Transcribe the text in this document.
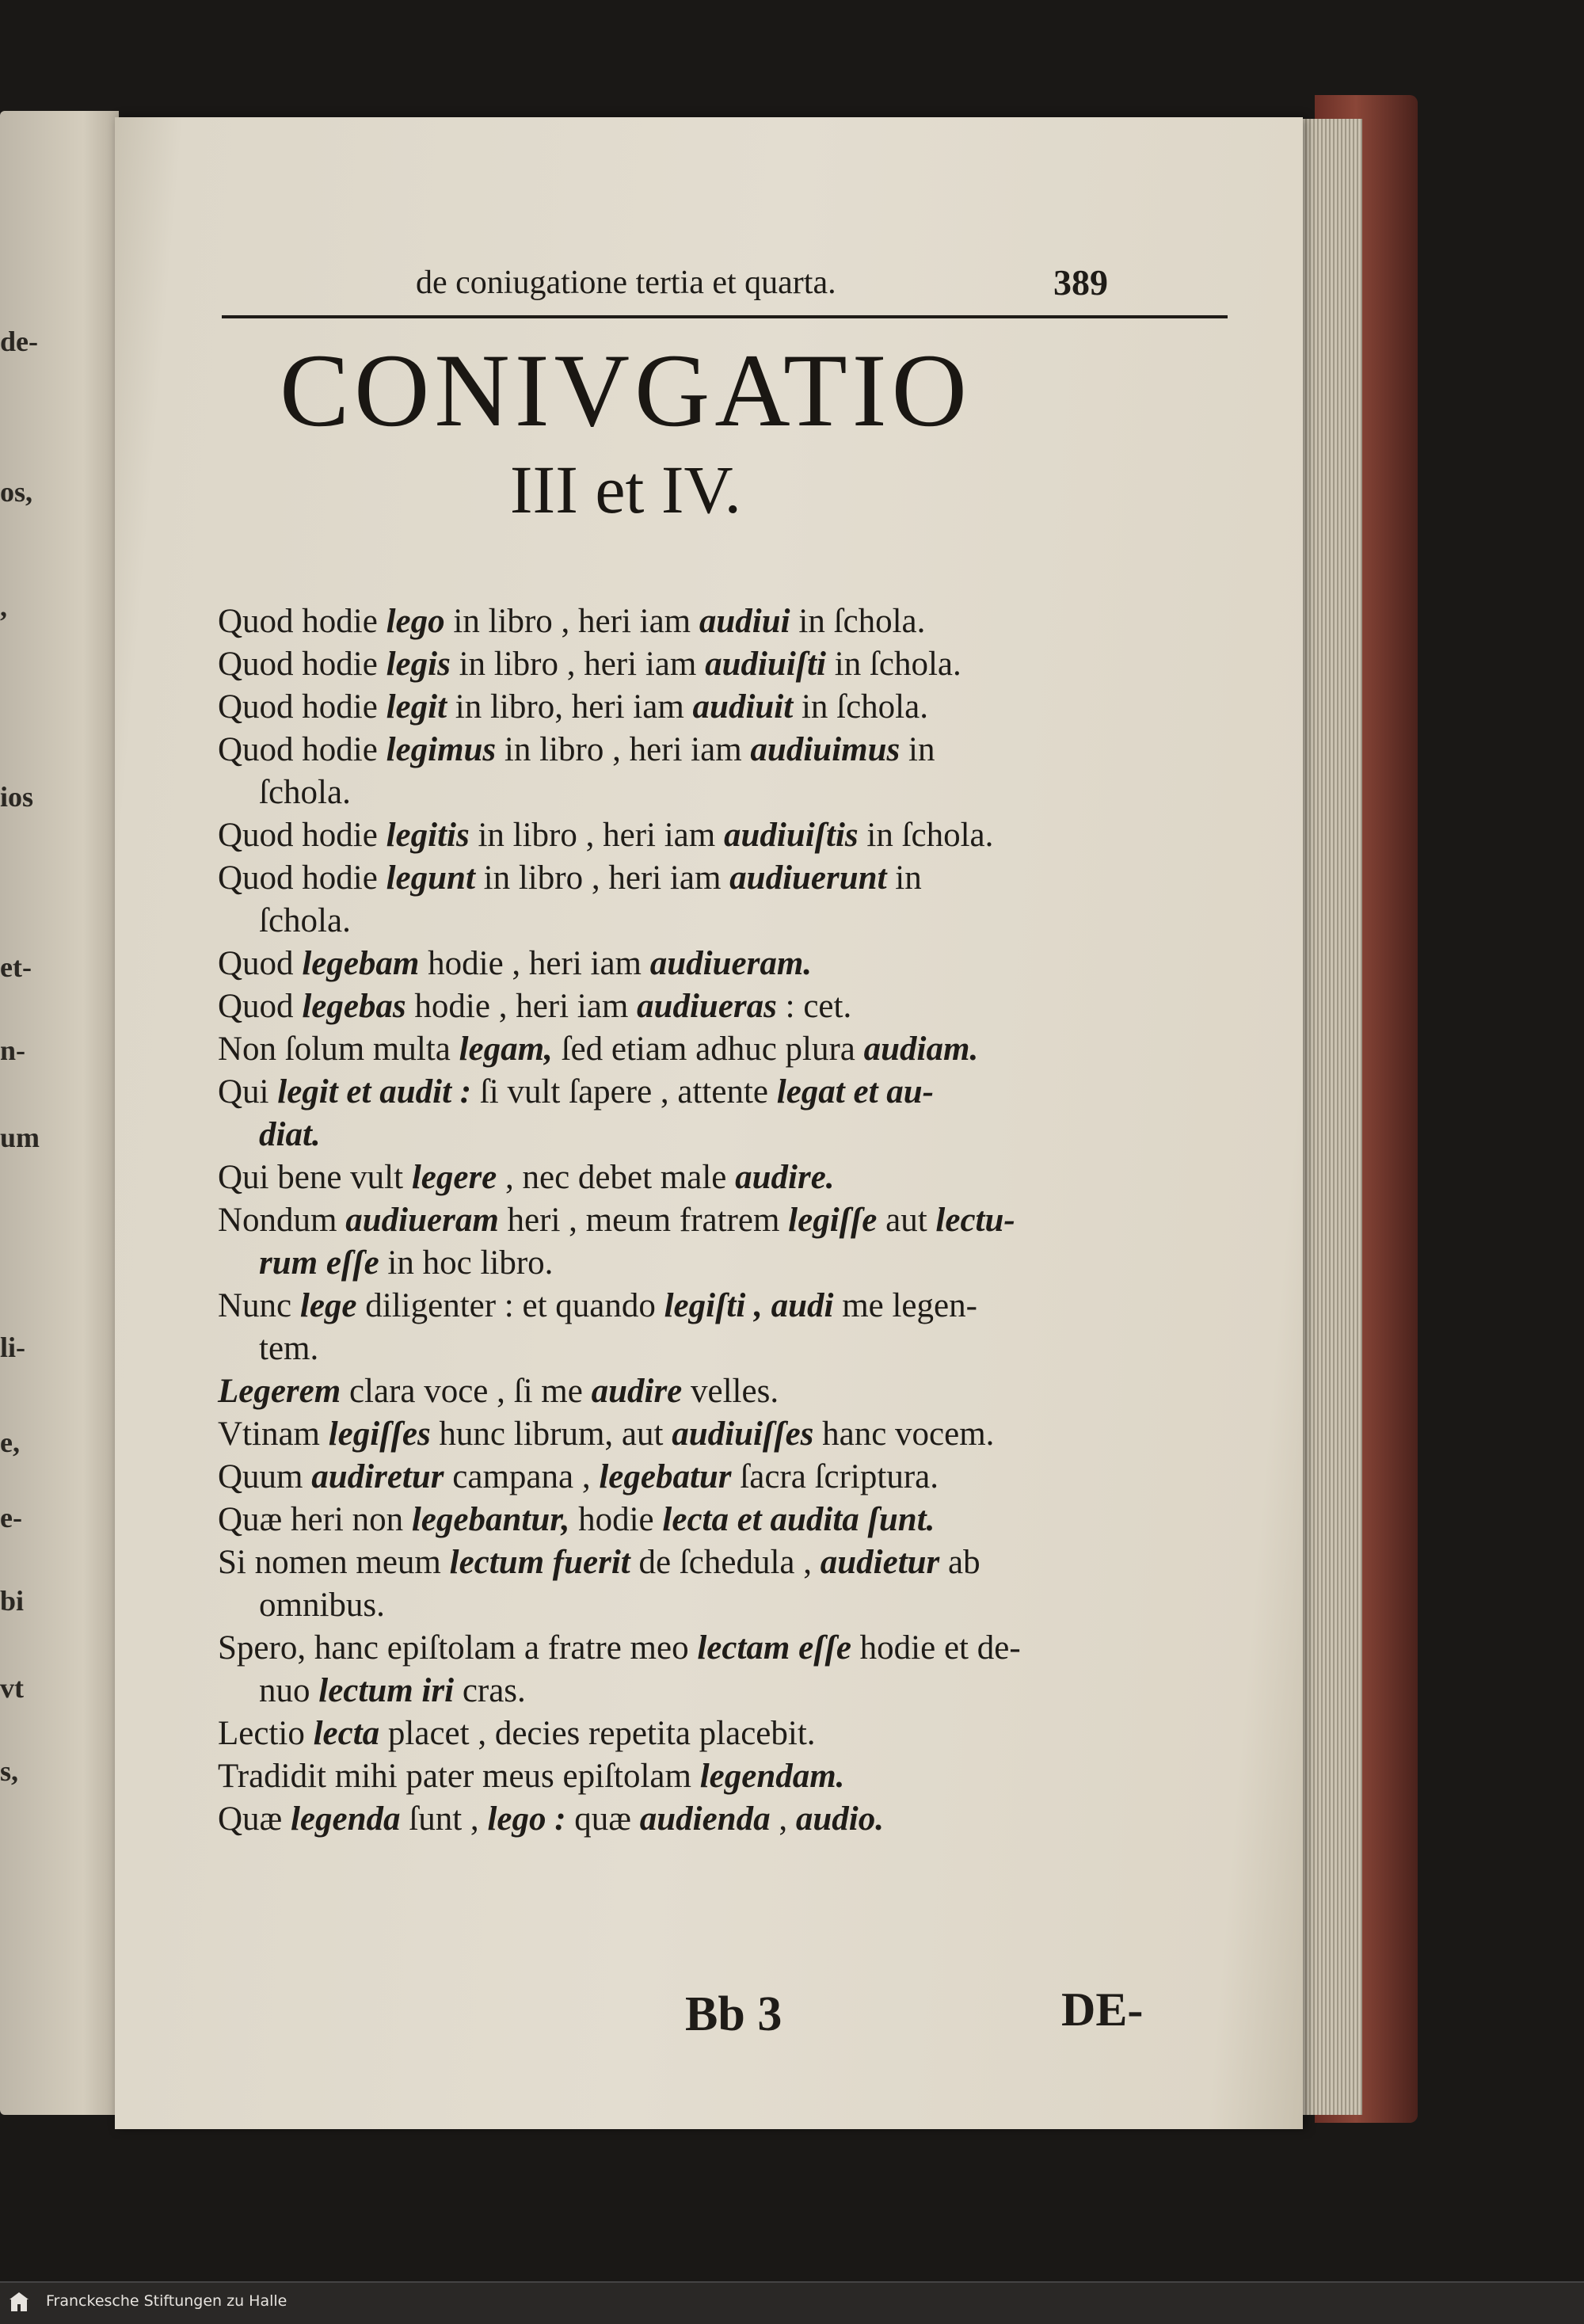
de-
os,
,
ios
et-
n-
um
li-
e,
e-
bi
vt
s,
de coniugatione tertia et quarta.	389
CONIVGATIO
III et IV.
Quod hodie lego in libro , heri iam audiui in ſchola.
Quod hodie legis in libro , heri iam audiuiſti in ſchola.
Quod hodie legit in libro, heri iam audiuit in ſchola.
Quod hodie legimus in libro , heri iam audiuimus in
ſchola.
Quod hodie legitis in libro , heri iam audiuiſtis in ſchola.
Quod hodie legunt in libro , heri iam audiuerunt in
ſchola.
Quod legebam hodie , heri iam audiueram.
Quod legebas hodie , heri iam audiueras : cet.
Non ſolum multa legam, ſed etiam adhuc plura audiam.
Qui legit et audit : ſi vult ſapere , attente legat et au-
diat.
Qui bene vult legere , nec debet male audire.
Nondum audiueram heri , meum fratrem legiſſe aut lectu-
rum eſſe in hoc libro.
Nunc lege diligenter : et quando legiſti , audi me legen-
tem.
Legerem clara voce , ſi me audire velles.
Vtinam legiſſes hunc librum, aut audiuiſſes hanc vocem.
Quum audiretur campana , legebatur ſacra ſcriptura.
Quæ heri non legebantur, hodie lecta et audita ſunt.
Si nomen meum lectum fuerit de ſchedula , audietur ab
omnibus.
Spero, hanc epiſtolam a fratre meo lectam eſſe hodie et de-
nuo lectum iri cras.
Lectio lecta placet , decies repetita placebit.
Tradidit mihi pater meus epiſtolam legendam.
Quæ legenda ſunt , lego : quæ audienda , audio.
Bb 3	DE-
Franckesche Stiftungen zu Halle
